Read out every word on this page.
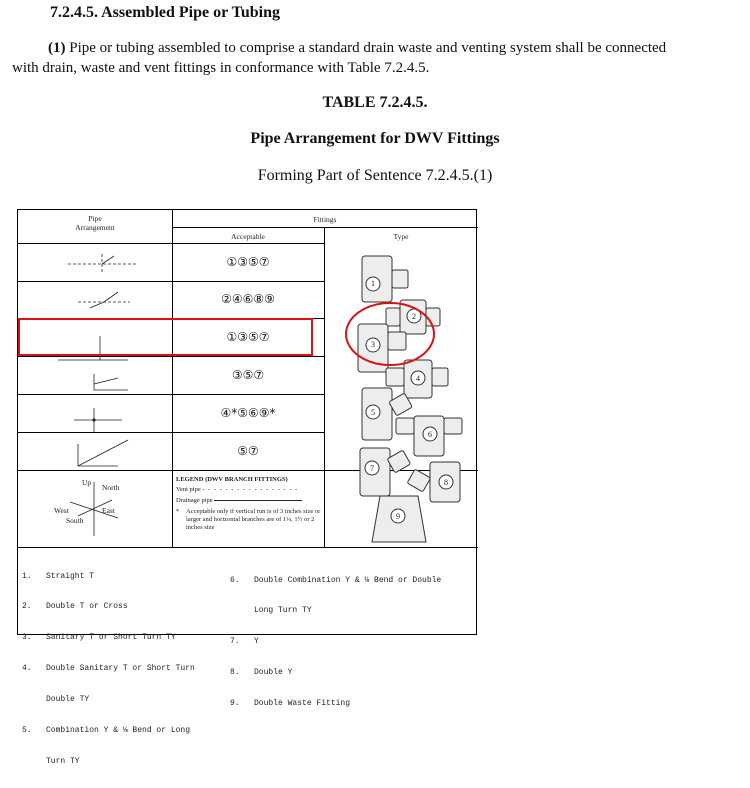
7.2.4.5. Assembled Pipe or Tubing
(1) Pipe or tubing assembled to comprise a standard drain waste and venting system shall be connected
with drain, waste and vent fittings in conformance with Table 7.2.4.5.
TABLE 7.2.4.5.
Pipe Arrangement for DWV Fittings
Forming Part of Sentence 7.2.4.5.(1)
Pipe
Arrangement
Fittings
Acceptable	Type
①③⑤⑦
②④⑥⑧⑨
①③⑤⑦
③⑤⑦
④*⑤⑥⑨*
⑤⑦
Up
North
West	East
South
LEGEND (DWV BRANCH FITTINGS)
Vent pipe - - - - - - - - - - - - - - - - -
Drainage pipe
*	Acceptable only if vertical run is of 3 inches size or larger and horizontal branches are of 1¼, 1½ or 2 inches size
1
2
3
4
5
6
7
8
9

1.   Straight T

2.   Double T or Cross

3.   Sanitary T or Short Turn TY

4.   Double Sanitary T or Short Turn

Double TY

5.   Combination Y & ⅛ Bend or Long

Turn TY

6.   Double Combination Y & ⅛ Bend or Double

Long Turn TY

7.   Y

8.   Double Y

9.   Double Waste Fitting
